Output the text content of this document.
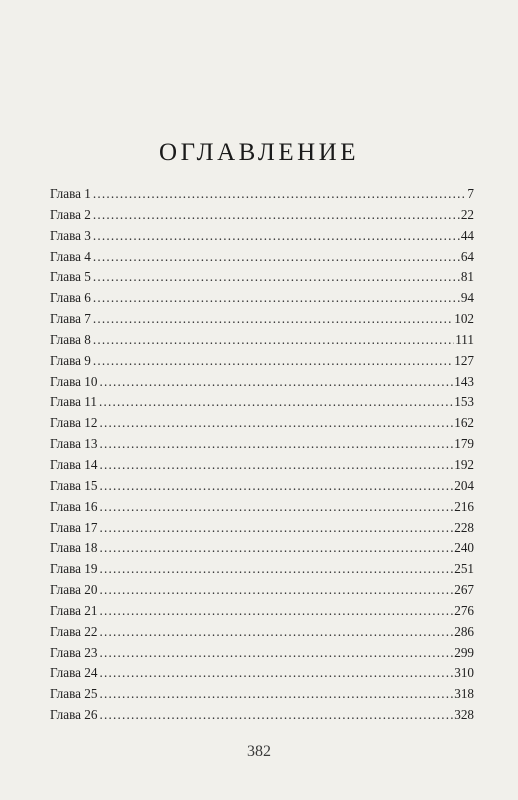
ОГЛАВЛЕНИЕ
Глава 1 .....	7
Глава 2 .....	22
Глава 3 .....	44
Глава 4 .....	64
Глава 5 .....	81
Глава 6 .....	94
Глава 7 .....	102
Глава 8 .....	111
Глава 9 .....	127
Глава 10 .....	143
Глава 11 .....	153
Глава 12 .....	162
Глава 13 .....	179
Глава 14 .....	192
Глава 15 .....	204
Глава 16 .....	216
Глава 17 .....	228
Глава 18 .....	240
Глава 19 .....	251
Глава 20 .....	267
Глава 21 .....	276
Глава 22 .....	286
Глава 23 .....	299
Глава 24 .....	310
Глава 25 .....	318
Глава 26 .....	328
382
